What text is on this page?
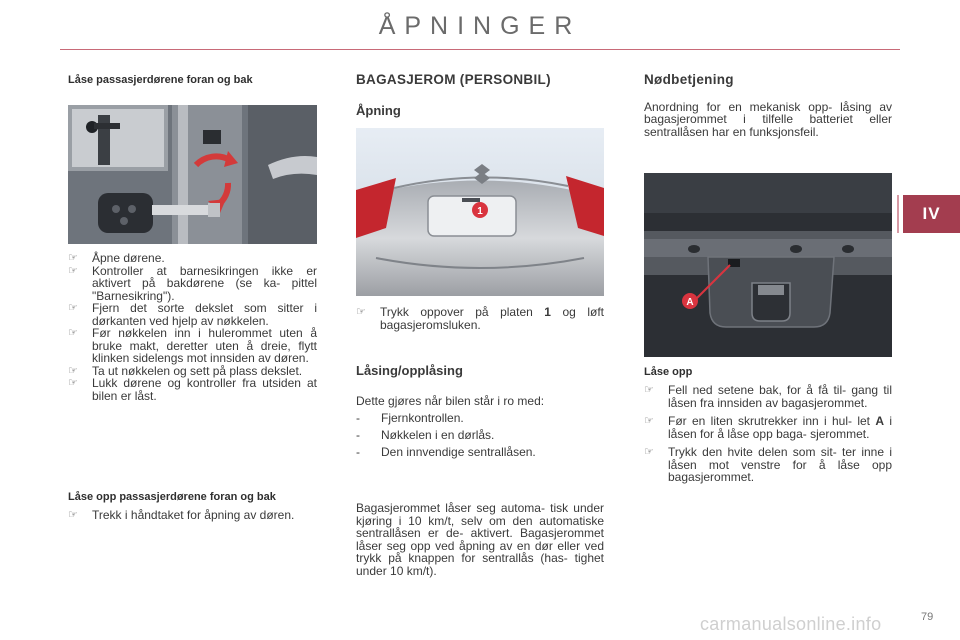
ÅPNINGER
IV
Låse passasjerdørene foran og bak
☞ Åpne dørene.
☞ Kontroller at barnesikringen ikke er aktivert på bakdørene (se ka- pittel "Barnesikring").
☞ Fjern det sorte dekslet som sitter i dørkanten ved hjelp av nøkkelen.
☞ Før nøkkelen inn i hulerommet uten å bruke makt, deretter uten å dreie, flytt klinken sidelengs mot innsiden av døren.
☞ Ta ut nøkkelen og sett på plass dekslet.
☞ Lukk dørene og kontroller fra utsiden at bilen er låst.
Låse opp passasjerdørene foran og bak
☞ Trekk i håndtaket for åpning av døren.
BAGASJEROM (PERSONBIL)
Åpning
1
☞ Trykk oppover på platen 1 og løft bagasjeromsluken.
Låsing/opplåsing
Dette gjøres når bilen står i ro med:
- Fjernkontrollen.
- Nøkkelen i en dørlås.
- Den innvendige sentrallåsen.
Bagasjerommet låser seg automa- tisk under kjøring i 10 km/t, selv om den automatiske sentrallåsen er de- aktivert. Bagasjerommet låser seg opp ved åpning av en dør eller ved trykk på knappen for sentrallås (has- tighet under 10 km/t).
Nødbetjening
Anordning for en mekanisk opp- låsing av bagasjerommet i tilfelle batteriet eller sentrallåsen har en funksjonsfeil.
A
Låse opp
☞ Fell ned setene bak, for å få til- gang til låsen fra innsiden av bagasjerommet.
☞ Før en liten skrutrekker inn i hul- let A i låsen for å låse opp baga- sjerommet.
☞ Trykk den hvite delen som sit- ter inne i låsen mot venstre for å låse opp bagasjerommet.
carmanualsonline.info	79
